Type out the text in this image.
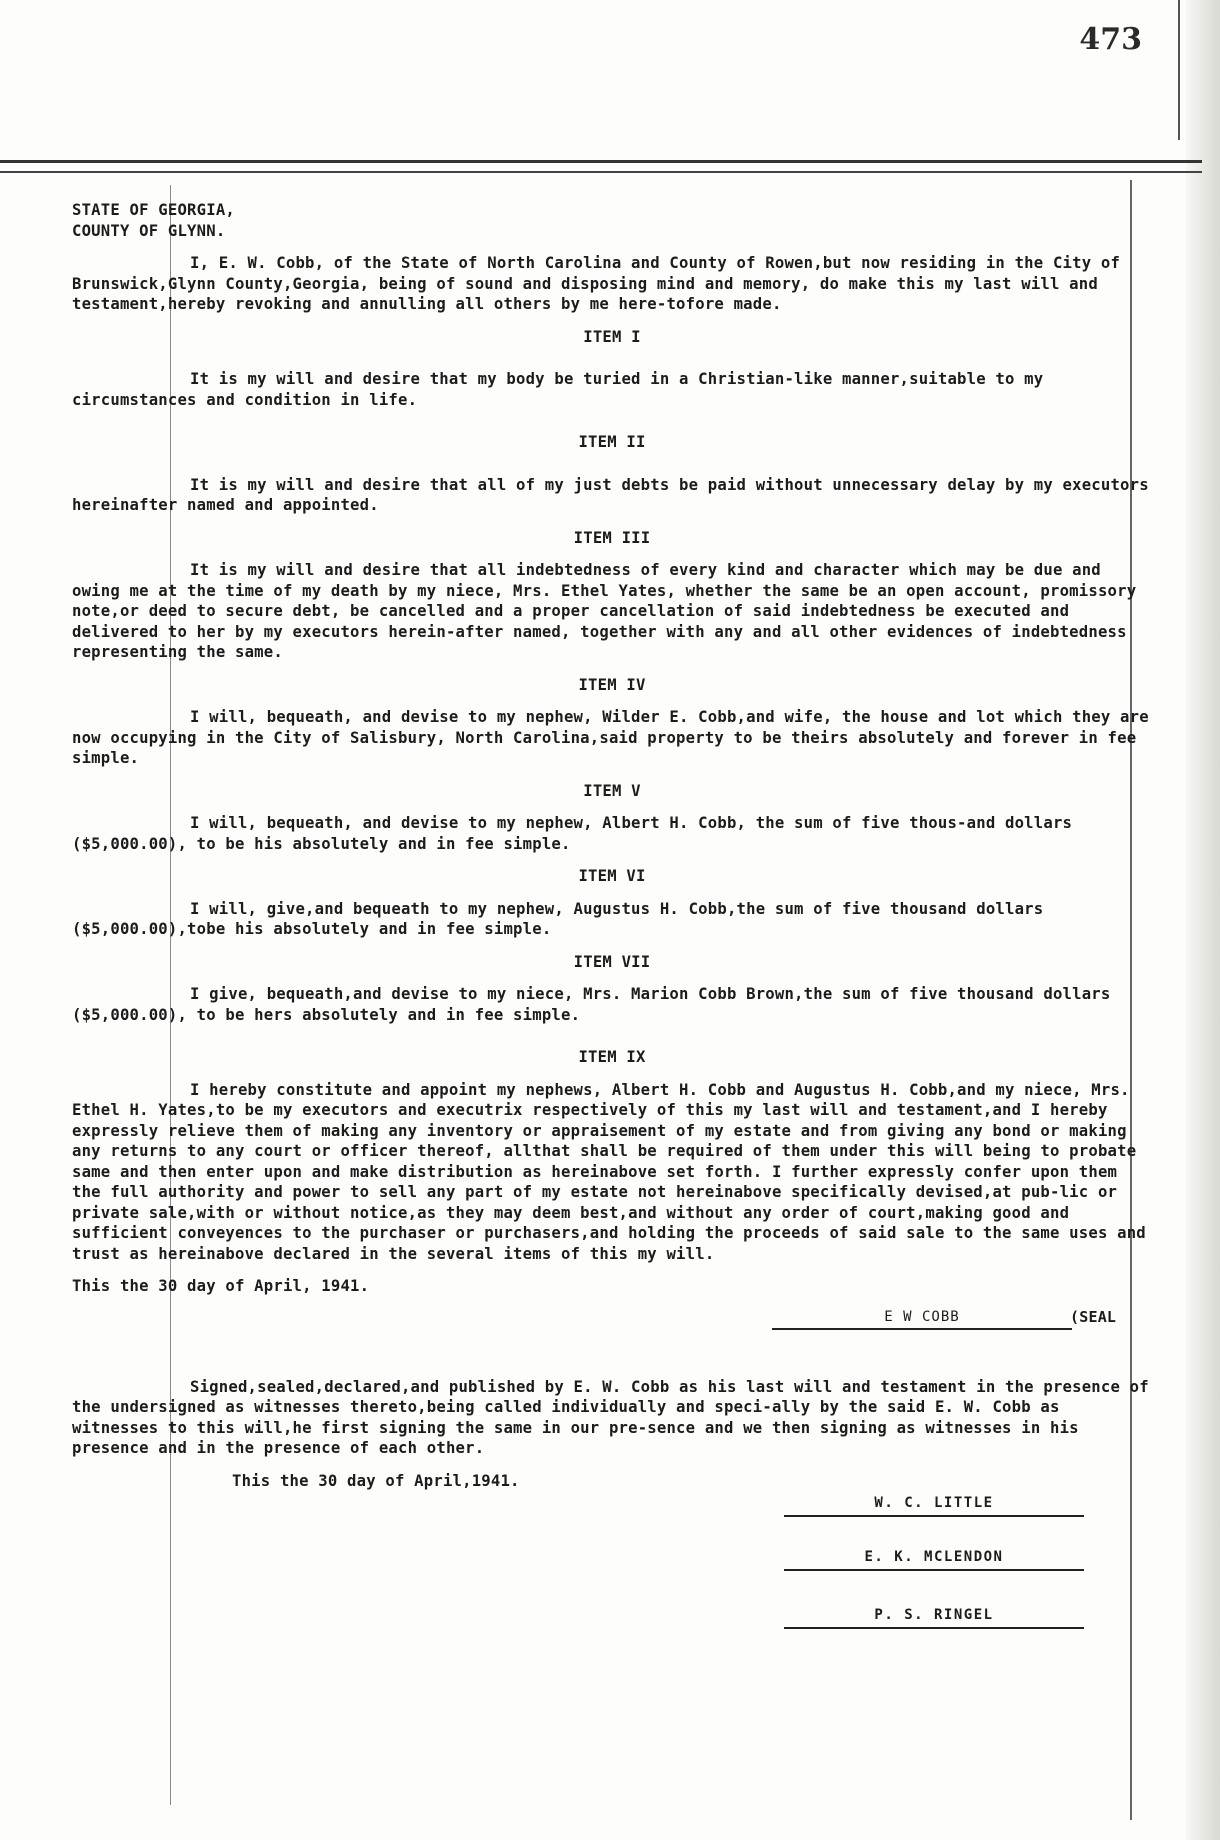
473

STATE OF GEORGIA,

COUNTY OF GLYNN.

I, E. W. Cobb, of the State of North Carolina and County of Rowen,but now residing in the City of Brunswick,Glynn County,Georgia, being of sound and disposing mind and memory, do make this my last will and testament,hereby revoking and annulling all others by me here-tofore made.

ITEM I

It is my will and desire that my body be turied in a Christian-like manner,suitable to my circumstances and condition in life.

ITEM II

It is my will and desire that all of my just debts be paid without unnecessary delay by my executors hereinafter named and appointed.

ITEM III

It is my will and desire that all indebtedness of every kind and character which may be due and owing me at the time of my death by my niece, Mrs. Ethel Yates, whether the same be an open account, promissory note,or deed to secure debt, be cancelled and a proper cancellation of said indebtedness be executed and delivered to her by my executors herein-after named, together with any and all other evidences of indebtedness representing the same.

ITEM IV

I will, bequeath, and devise to my nephew, Wilder E. Cobb,and wife, the house and lot which they are now occupying in the City of Salisbury, North Carolina,said property to be theirs absolutely and forever in fee simple.

ITEM V

I will, bequeath, and devise to my nephew, Albert H. Cobb, the sum of five thous-and dollars ($5,000.00), to be his absolutely and in fee simple.

ITEM VI

I will, give,and bequeath to my nephew, Augustus H. Cobb,the sum of five thousand dollars ($5,000.00),tobe his absolutely and in fee simple.

ITEM VII

I give, bequeath,and devise to my niece, Mrs. Marion Cobb Brown,the sum of five thousand dollars ($5,000.00), to be hers absolutely and in fee simple.

ITEM IX

I hereby constitute and appoint my nephews, Albert H. Cobb and Augustus H. Cobb,and my niece, Mrs. Ethel H. Yates,to be my executors and executrix respectively of this my last will and testament,and I hereby expressly relieve them of making any inventory or appraisement of my estate and from giving any bond or making any returns to any court or officer thereof, allthat shall be required of them under this will being to probate same and then enter upon and make distribution as hereinabove set forth. I further expressly confer upon them the full authority and power to sell any part of my estate not hereinabove specifically devised,at pub-lic or private sale,with or without notice,as they may deem best,and without any order of court,making good and sufficient conveyences to the purchaser or purchasers,and holding the proceeds of said sale to the same uses and trust as hereinabove declared in the several items of this my will.

This the 30 day of April, 1941.

E W COBB	(SEAL

Signed,sealed,declared,and published by E. W. Cobb as his last will and testament in the presence of the undersigned as witnesses thereto,being called individually and speci-ally by the said E. W. Cobb as witnesses to this will,he first signing the same in our pre-sence and we then signing as witnesses in his presence and in the presence of each other.

This the 30 day of April,1941.

W. C. LITTLE
E. K. MCLENDON
P. S. RINGEL
